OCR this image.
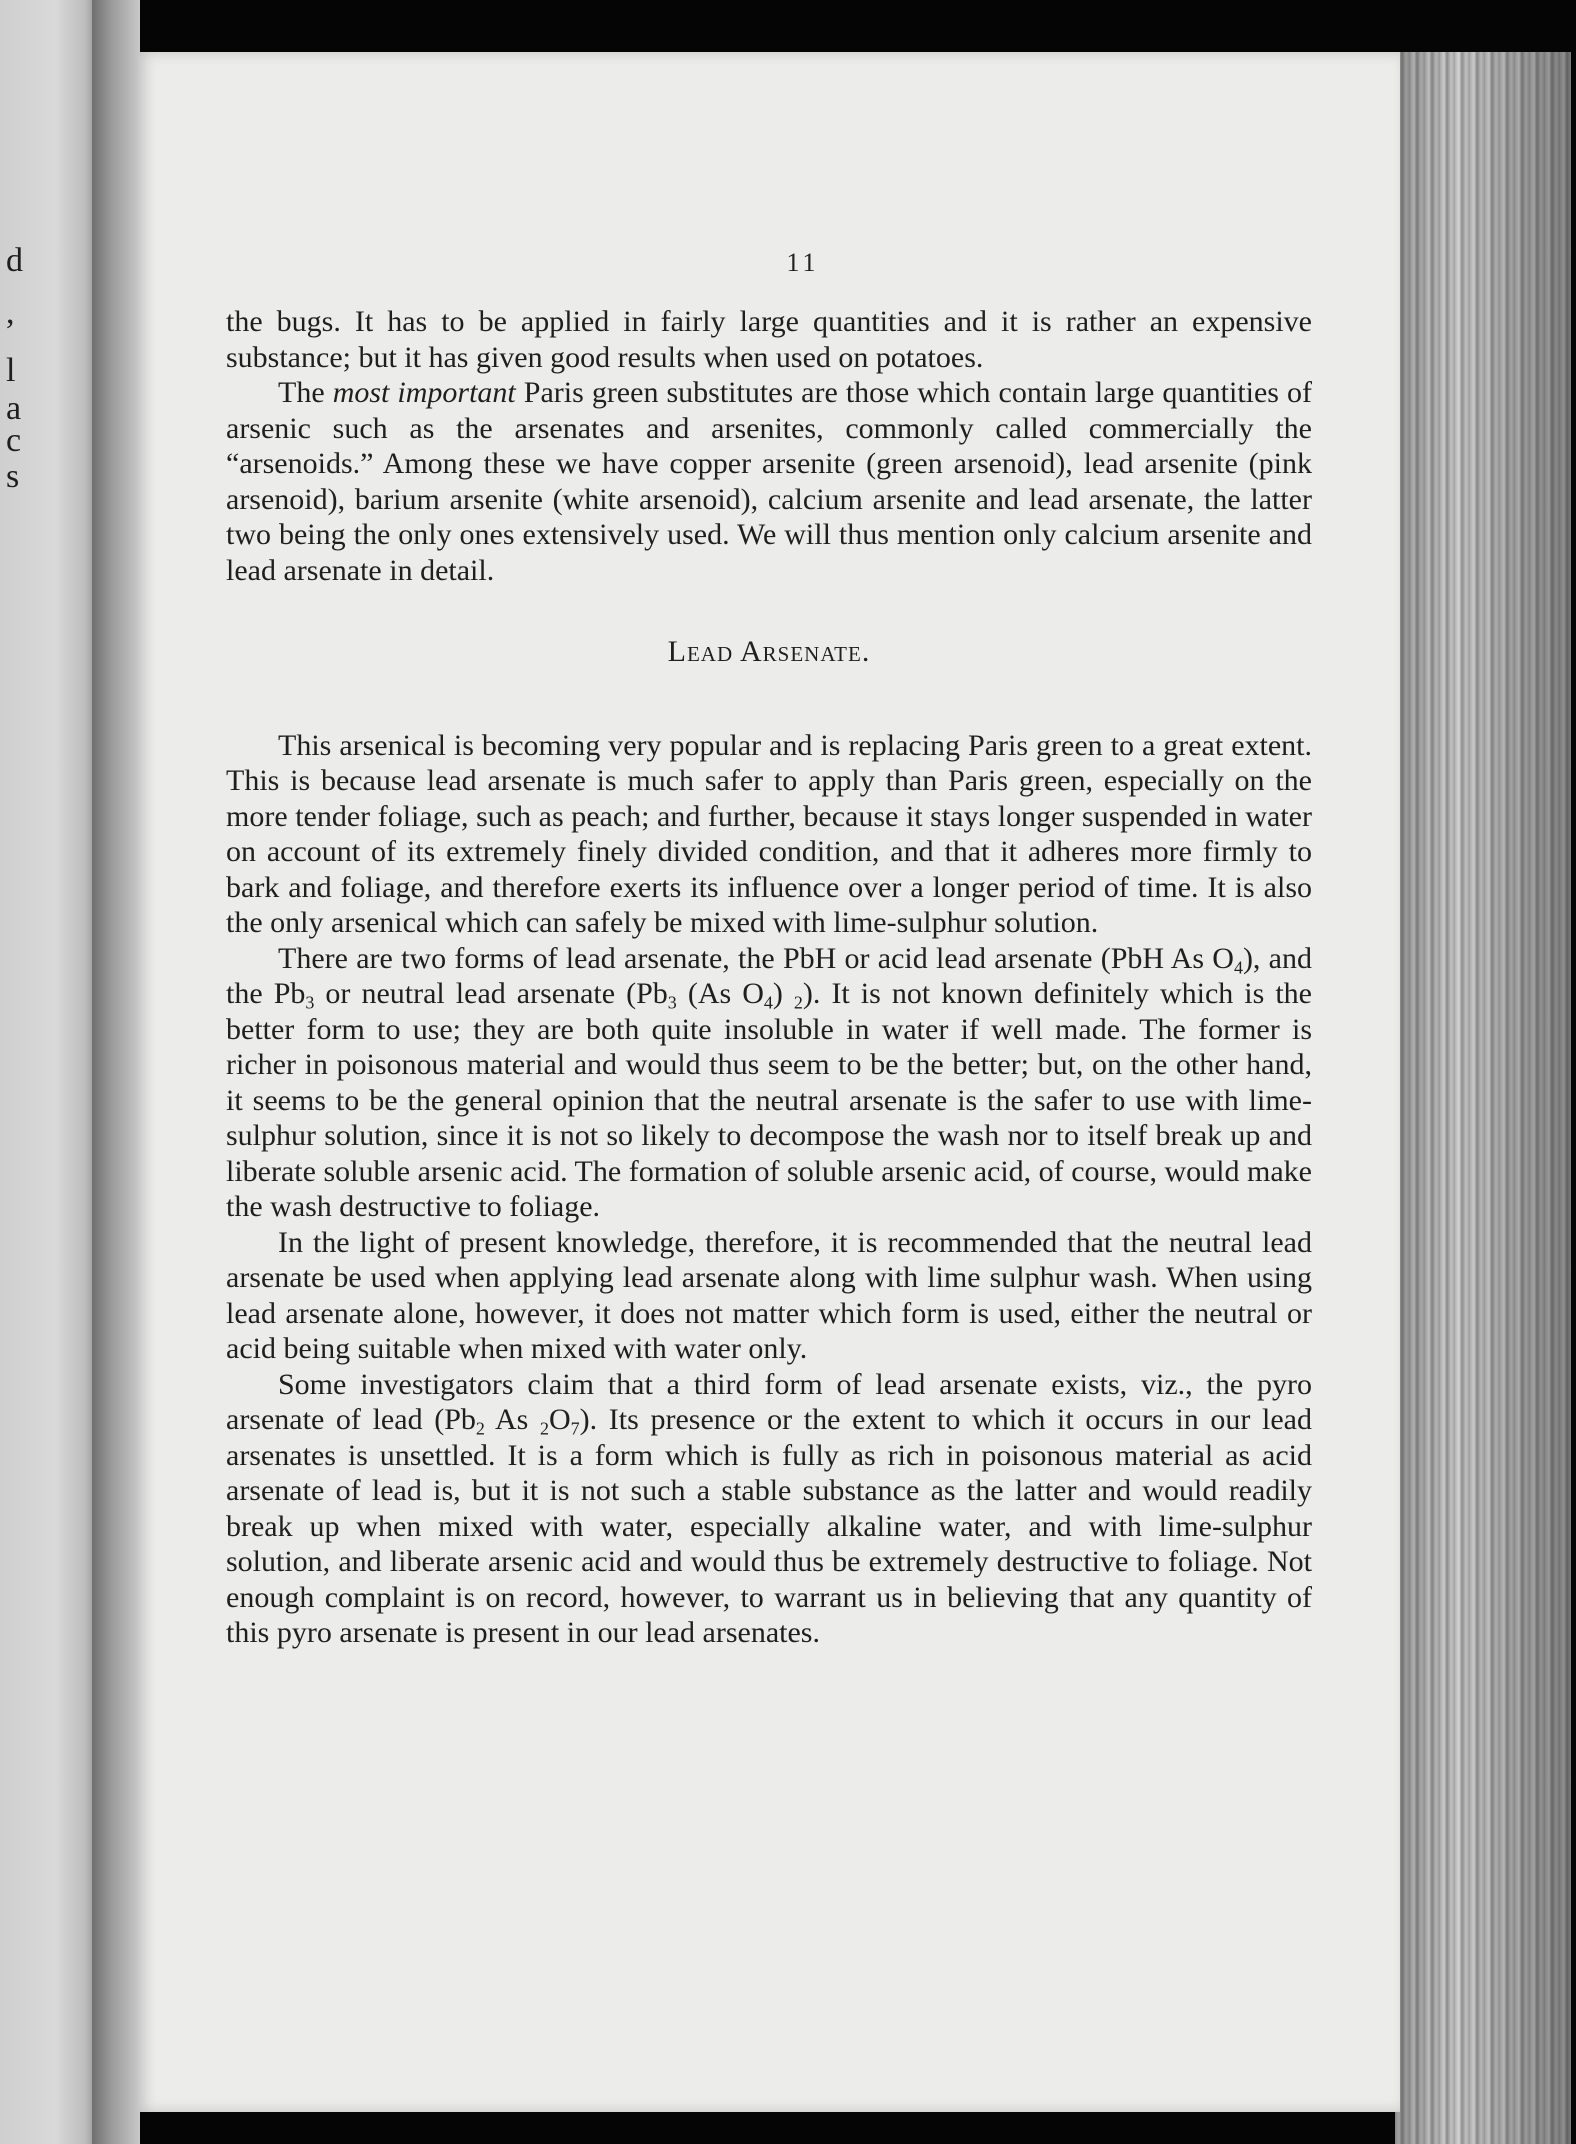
d
,
l
a
c
s
11

the bugs. It has to be applied in fairly large quantities and it is rather an expensive substance; but it has given good results when used on potatoes.

The most important Paris green substitutes are those which contain large quantities of arsenic such as the arsenates and arsenites, commonly called commercially the “arsenoids.” Among these we have copper arsenite (green arsenoid), lead arsenite (pink arsenoid), barium arsenite (white arsenoid), calcium arsenite and lead arsenate, the latter two being the only ones extensively used. We will thus mention only calcium arsenite and lead arsenate in detail.

Lead Arsenate.

This arsenical is becoming very popular and is replacing Paris green to a great extent. This is because lead arsenate is much safer to apply than Paris green, especially on the more tender foliage, such as peach; and further, because it stays longer suspended in water on account of its extremely finely divided condition, and that it adheres more firmly to bark and foliage, and therefore exerts its influence over a longer period of time. It is also the only arsenical which can safely be mixed with lime-sulphur solution.

There are two forms of lead arsenate, the PbH or acid lead arsenate (PbH As $O_4$), and the $Pb_3$ or neutral lead arsenate ($Pb_3$ (As $O_4$) $_2$). It is not known definitely which is the better form to use; they are both quite insoluble in water if well made. The former is richer in poisonous material and would thus seem to be the better; but, on the other hand, it seems to be the general opinion that the neutral arsenate is the safer to use with lime-sulphur solution, since it is not so likely to decompose the wash nor to itself break up and liberate soluble arsenic acid. The formation of soluble arsenic acid, of course, would make the wash destructive to foliage.

In the light of present knowledge, therefore, it is recommended that the neutral lead arsenate be used when applying lead arsenate along with lime sulphur wash. When using lead arsenate alone, however, it does not matter which form is used, either the neutral or acid being suitable when mixed with water only.

Some investigators claim that a third form of lead arsenate exists, viz., the pyro arsenate of lead ($Pb_2$ As $_2O_7$). Its presence or the extent to which it occurs in our lead arsenates is unsettled. It is a form which is fully as rich in poisonous material as acid arsenate of lead is, but it is not such a stable substance as the latter and would readily break up when mixed with water, especially alkaline water, and with lime-sulphur solution, and liberate arsenic acid and would thus be extremely destructive to foliage. Not enough complaint is on record, however, to warrant us in believing that any quantity of this pyro arsenate is present in our lead arsenates.
